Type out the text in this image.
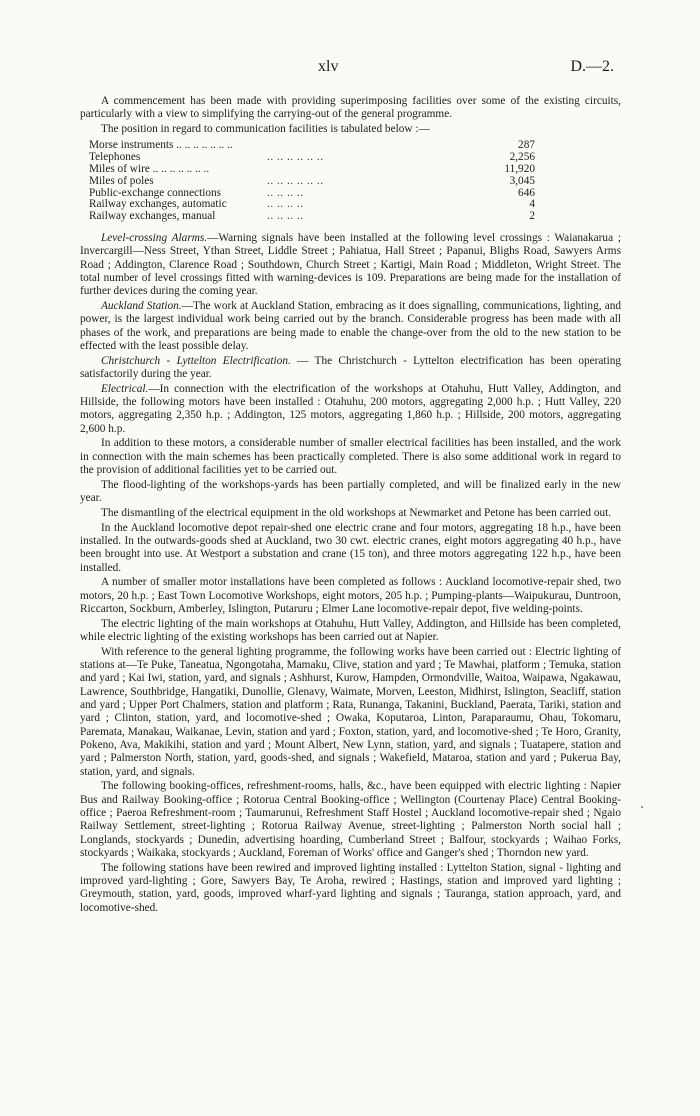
xlv	D.—2.

A commencement has been made with providing superimposing facilities over some of the existing circuits, particularly with a view to simplifying the carrying-out of the general programme.

The position in regard to communication facilities is tabulated below :—

Morse instruments .. .. .. .. .. .. ..		287
Telephones	.. .. .. .. .. ..	2,256
Miles of wire .. .. .. .. .. .. ..		11,920
Miles of poles	.. .. .. .. .. ..	3,045
Public-exchange connections	.. .. .. ..	646
Railway exchanges, automatic	.. .. .. ..	4
Railway exchanges, manual	.. .. .. ..	2

Level-crossing Alarms.—Warning signals have been installed at the following level crossings : Waianakarua ; Invercargill—Ness Street, Ythan Street, Liddle Street ; Pahiatua, Hall Street ; Papanui, Blighs Road, Sawyers Arms Road ; Addington, Clarence Road ; Southdown, Church Street ; Kartigi, Main Road ; Middleton, Wright Street. The total number of level crossings fitted with warning-devices is 109. Preparations are being made for the installation of further devices during the coming year.

Auckland Station.—The work at Auckland Station, embracing as it does signalling, communications, lighting, and power, is the largest individual work being carried out by the branch. Considerable progress has been made with all phases of the work, and preparations are being made to enable the change-over from the old to the new station to be effected with the least possible delay.

Christchurch - Lyttelton Electrification. — The Christchurch - Lyttelton electrification has been operating satisfactorily during the year.

Electrical.—In connection with the electrification of the workshops at Otahuhu, Hutt Valley, Addington, and Hillside, the following motors have been installed : Otahuhu, 200 motors, aggregating 2,000 h.p. ; Hutt Valley, 220 motors, aggregating 2,350 h.p. ; Addington, 125 motors, aggregating 1,860 h.p. ; Hillside, 200 motors, aggregating 2,600 h.p.

In addition to these motors, a considerable number of smaller electrical facilities has been installed, and the work in connection with the main schemes has been practically completed. There is also some additional work in regard to the provision of additional facilities yet to be carried out.

The flood-lighting of the workshops-yards has been partially completed, and will be finalized early in the new year.

The dismantling of the electrical equipment in the old workshops at Newmarket and Petone has been carried out.

In the Auckland locomotive depot repair-shed one electric crane and four motors, aggregating 18 h.p., have been installed. In the outwards-goods shed at Auckland, two 30 cwt. electric cranes, eight motors aggregating 40 h.p., have been brought into use. At Westport a substation and crane (15 ton), and three motors aggregating 122 h.p., have been installed.

A number of smaller motor installations have been completed as follows : Auckland locomotive-repair shed, two motors, 20 h.p. ; East Town Locomotive Workshops, eight motors, 205 h.p. ; Pumping-plants—Waipukurau, Duntroon, Riccarton, Sockburn, Amberley, Islington, Putaruru ; Elmer Lane locomotive-repair depot, five welding-points.

The electric lighting of the main workshops at Otahuhu, Hutt Valley, Addington, and Hillside has been completed, while electric lighting of the existing workshops has been carried out at Napier.

With reference to the general lighting programme, the following works have been carried out : Electric lighting of stations at—Te Puke, Taneatua, Ngongotaha, Mamaku, Clive, station and yard ; Te Mawhai, platform ; Temuka, station and yard ; Kai Iwi, station, yard, and signals ; Ashhurst, Kurow, Hampden, Ormondville, Waitoa, Waipawa, Ngakawau, Lawrence, Southbridge, Hangatiki, Dunollie, Glenavy, Waimate, Morven, Leeston, Midhirst, Islington, Seacliff, station and yard ; Upper Port Chalmers, station and platform ; Rata, Runanga, Takanini, Buckland, Paerata, Tariki, station and yard ; Clinton, station, yard, and locomotive-shed ; Owaka, Koputaroa, Linton, Paraparaumu, Ohau, Tokomaru, Paremata, Manakau, Waikanae, Levin, station and yard ; Foxton, station, yard, and locomotive-shed ; Te Horo, Granity, Pokeno, Ava, Makikihi, station and yard ; Mount Albert, New Lynn, station, yard, and signals ; Tuatapere, station and yard ; Palmerston North, station, yard, goods-shed, and signals ; Wakefield, Mataroa, station and yard ; Pukerua Bay, station, yard, and signals.

The following booking-offices, refreshment-rooms, halls, &c., have been equipped with electric lighting : Napier Bus and Railway Booking-office ; Rotorua Central Booking-office ; Wellington (Courtenay Place) Central Booking-office ; Paeroa Refreshment-room ; Taumarunui, Refreshment Staff Hostel ; Auckland locomotive-repair shed ; Ngaio Railway Settlement, street-lighting ; Rotorua Railway Avenue, street-lighting ; Palmerston North social hall ; Longlands, stockyards ; Dunedin, advertising hoarding, Cumberland Street ; Balfour, stockyards ; Waihao Forks, stockyards ; Waikaka, stockyards ; Auckland, Foreman of Works' office and Ganger's shed ; Thorndon new yard.

The following stations have been rewired and improved lighting installed : Lyttelton Station, signal - lighting and improved yard-lighting ; Gore, Sawyers Bay, Te Aroha, rewired ; Hastings, station and improved yard lighting ; Greymouth, station, yard, goods, improved wharf-yard lighting and signals ; Tauranga, station approach, yard, and locomotive-shed.
